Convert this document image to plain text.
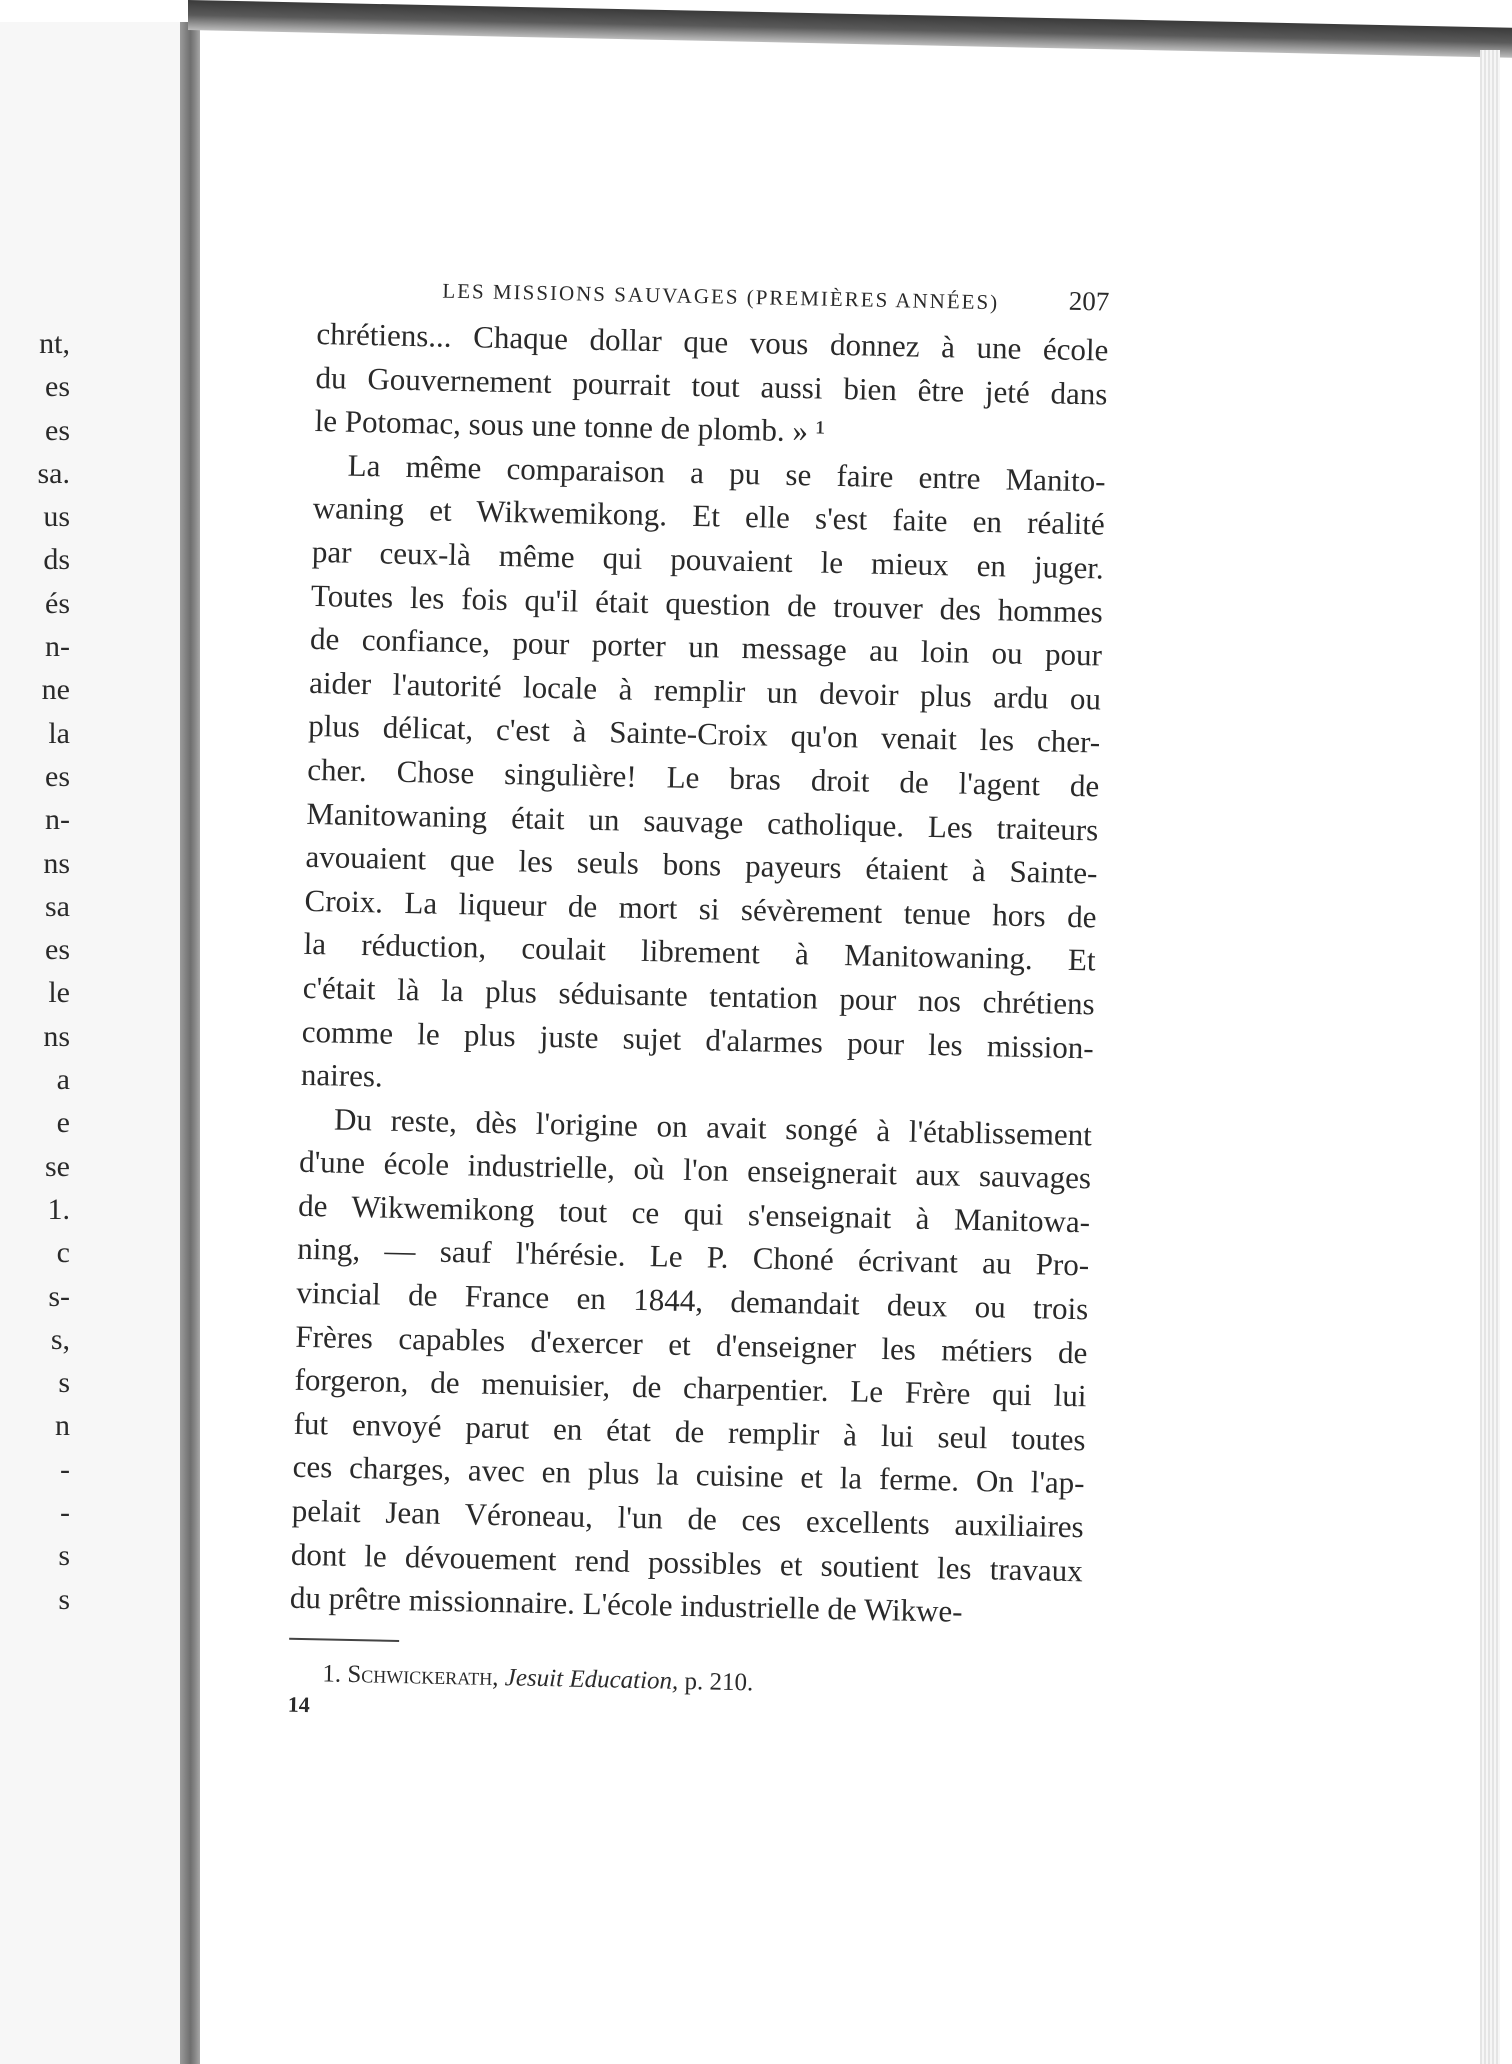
nt,
es
es
sa.
us
ds
és
n-
ne
la
es
n-
ns
sa
es
le
ns
a
e
se
1.
c
s-
s,
s
n
-
-
s
s
LES MISSIONS SAUVAGES (PREMIÈRES ANNÉES)	207
chrétiens... Chaque dollar que vous donnez à une école
du Gouvernement pourrait tout aussi bien être jeté dans
le Potomac, sous une tonne de plomb. » ¹
La même comparaison a pu se faire entre Manito-
waning et Wikwemikong. Et elle s'est faite en réalité
par ceux-là même qui pouvaient le mieux en juger.
Toutes les fois qu'il était question de trouver des hommes
de confiance, pour porter un message au loin ou pour
aider l'autorité locale à remplir un devoir plus ardu ou
plus délicat, c'est à Sainte-Croix qu'on venait les cher-
cher. Chose singulière! Le bras droit de l'agent de
Manitowaning était un sauvage catholique. Les traiteurs
avouaient que les seuls bons payeurs étaient à Sainte-
Croix. La liqueur de mort si sévèrement tenue hors de
la réduction, coulait librement à Manitowaning. Et
c'était là la plus séduisante tentation pour nos chrétiens
comme le plus juste sujet d'alarmes pour les mission-
naires.
Du reste, dès l'origine on avait songé à l'établissement
d'une école industrielle, où l'on enseignerait aux sauvages
de Wikwemikong tout ce qui s'enseignait à Manitowa-
ning, — sauf l'hérésie. Le P. Choné écrivant au Pro-
vincial de France en 1844, demandait deux ou trois
Frères capables d'exercer et d'enseigner les métiers de
forgeron, de menuisier, de charpentier. Le Frère qui lui
fut envoyé parut en état de remplir à lui seul toutes
ces charges, avec en plus la cuisine et la ferme. On l'ap-
pelait Jean Véroneau, l'un de ces excellents auxiliaires
dont le dévouement rend possibles et soutient les travaux
du prêtre missionnaire. L'école industrielle de Wikwe-
1. Schwickerath, Jesuit Education, p. 210.
14
